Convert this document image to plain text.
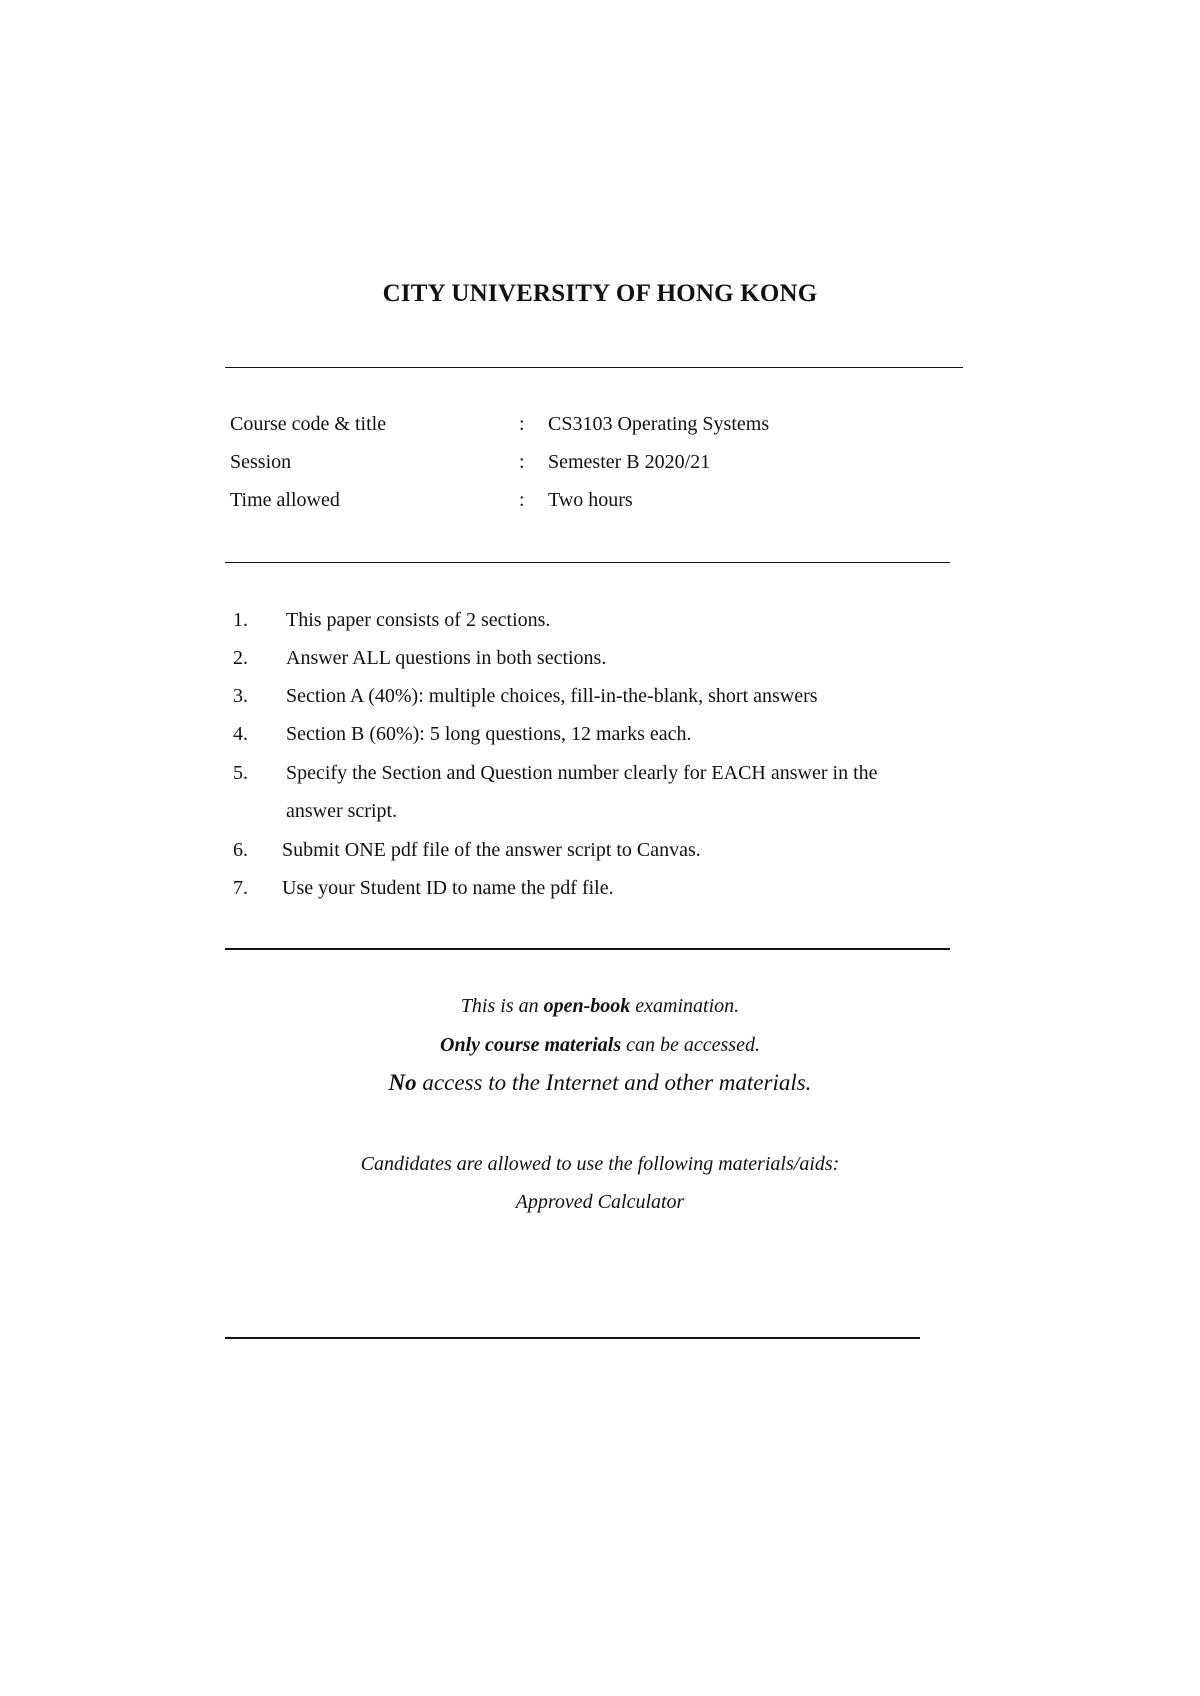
CITY UNIVERSITY OF HONG KONG
Course code & title	: CS3103 Operating Systems
Session	: Semester B 2020/21
Time allowed	: Two hours
1. This paper consists of 2 sections.
2. Answer ALL questions in both sections.
3. Section A (40%): multiple choices, fill-in-the-blank, short answers
4. Section B (60%): 5 long questions, 12 marks each.
5. Specify the Section and Question number clearly for EACH answer in the
answer script.
6. Submit ONE pdf file of the answer script to Canvas.
7. Use your Student ID to name the pdf file.
This is an open-book examination.
Only course materials can be accessed.
No access to the Internet and other materials.
Candidates are allowed to use the following materials/aids:
Approved Calculator
